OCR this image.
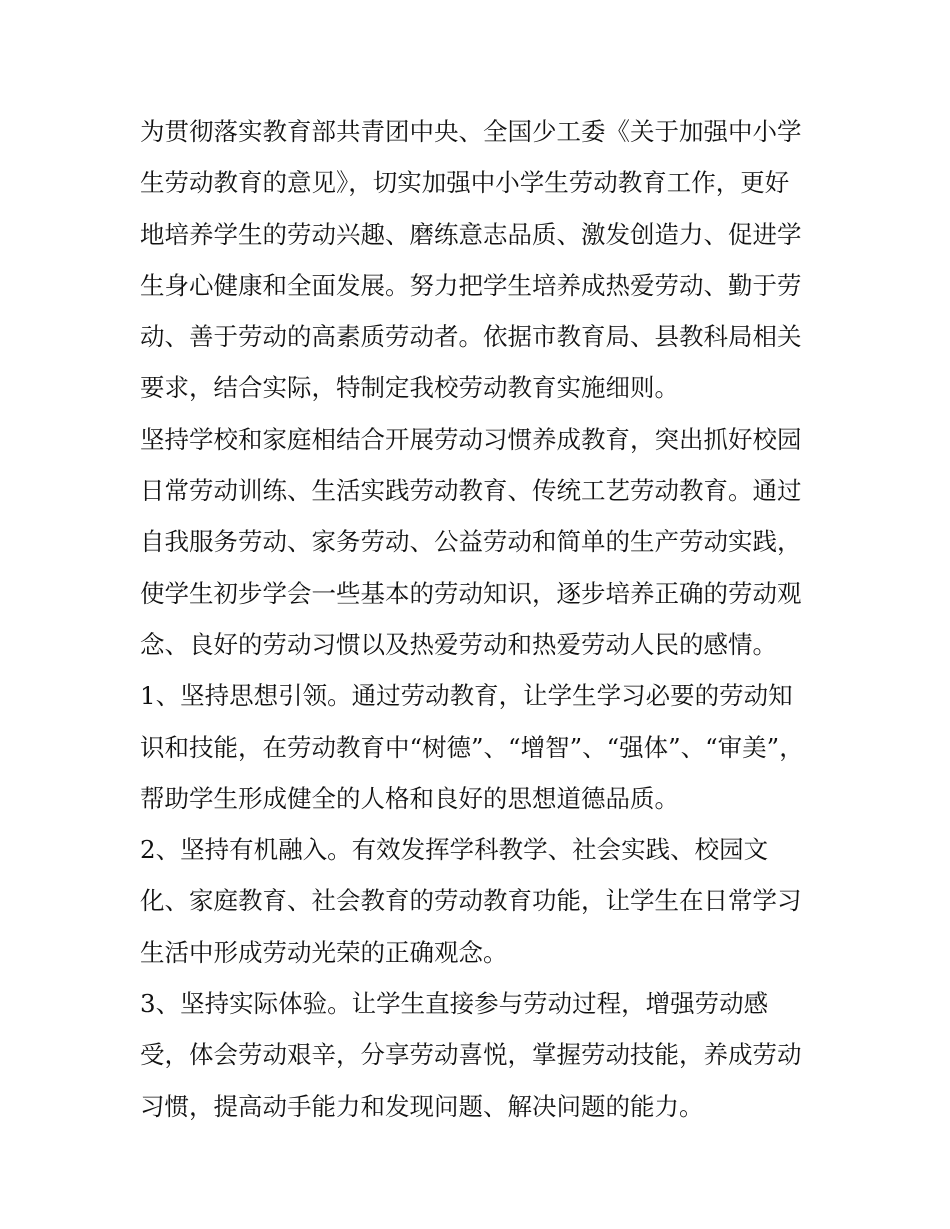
为贯彻落实教育部共青团中央、全国少工委《关于加强中小学
生劳动教育的意见》，切实加强中小学生劳动教育工作，更好
地培养学生的劳动兴趣、磨练意志品质、激发创造力、促进学
生身心健康和全面发展。努力把学生培养成热爱劳动、勤于劳
动、善于劳动的高素质劳动者。依据市教育局、县教科局相关
要求，结合实际，特制定我校劳动教育实施细则。

坚持学校和家庭相结合开展劳动习惯养成教育，突出抓好校园
日常劳动训练、生活实践劳动教育、传统工艺劳动教育。通过
自我服务劳动、家务劳动、公益劳动和简单的生产劳动实践，
使学生初步学会一些基本的劳动知识，逐步培养正确的劳动观
念、良好的劳动习惯以及热爱劳动和热爱劳动人民的感情。

1、坚持思想引领。通过劳动教育，让学生学习必要的劳动知
识和技能，在劳动教育中“树德”、“增智”、“强体”、“审美”，
帮助学生形成健全的人格和良好的思想道德品质。

2、坚持有机融入。有效发挥学科教学、社会实践、校园文
化、家庭教育、社会教育的劳动教育功能，让学生在日常学习
生活中形成劳动光荣的正确观念。

3、坚持实际体验。让学生直接参与劳动过程，增强劳动感
受，体会劳动艰辛，分享劳动喜悦，掌握劳动技能，养成劳动
习惯，提高动手能力和发现问题、解决问题的能力。
